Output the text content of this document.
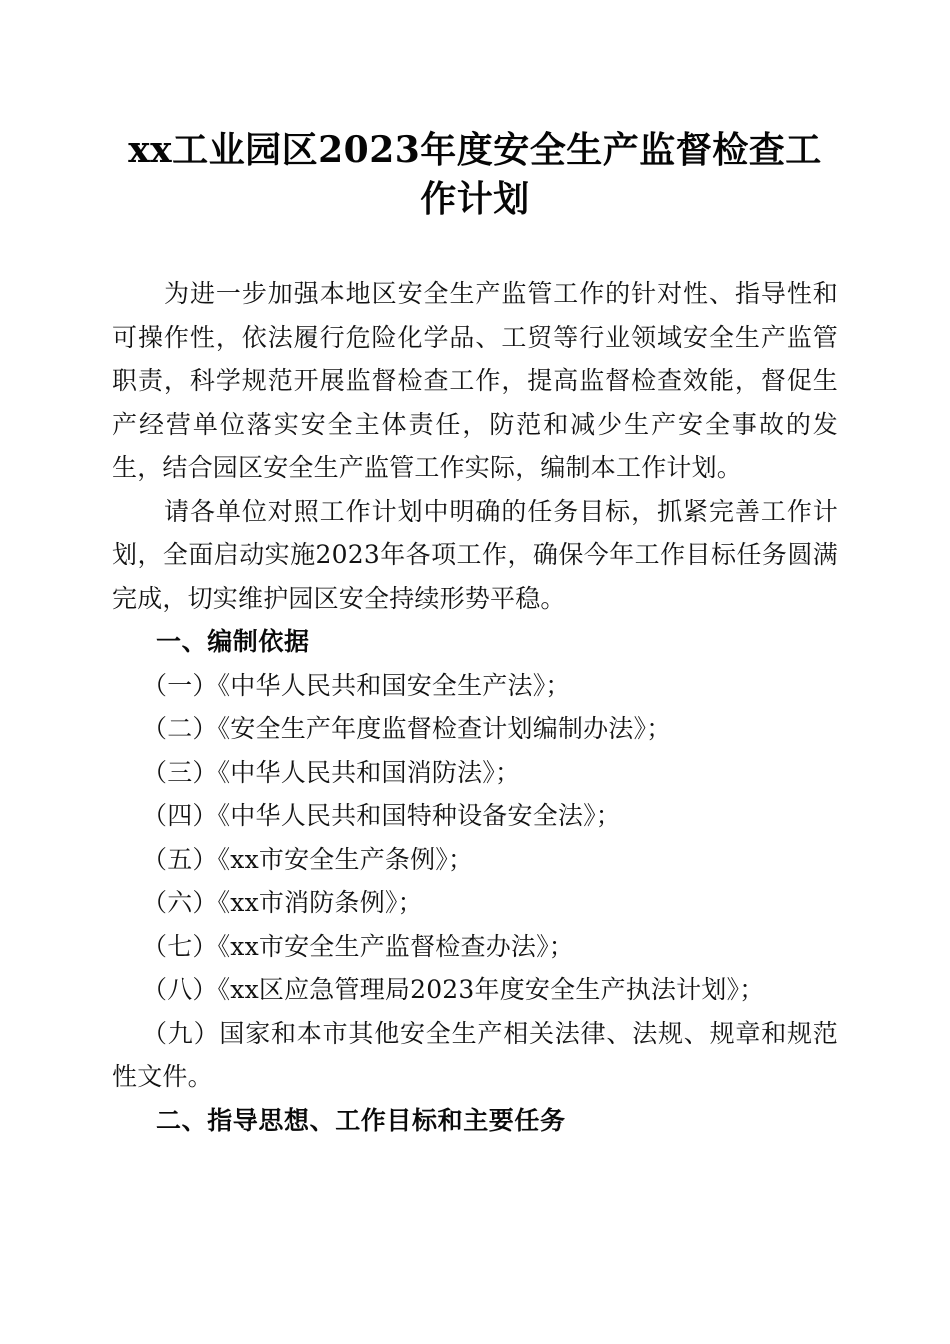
xx工业园区2023年度安全生产监督检查工作计划

为进一步加强本地区安全生产监管工作的针对性、指导性和可操作性，依法履行危险化学品、工贸等行业领域安全生产监管职责，科学规范开展监督检查工作，提高监督检查效能，督促生产经营单位落实安全主体责任，防范和减少生产安全事故的发生，结合园区安全生产监管工作实际，编制本工作计划。

请各单位对照工作计划中明确的任务目标，抓紧完善工作计划，全面启动实施2023年各项工作，确保今年工作目标任务圆满完成，切实维护园区安全持续形势平稳。

一、编制依据
（一）《中华人民共和国安全生产法》；
（二）《安全生产年度监督检查计划编制办法》；
（三）《中华人民共和国消防法》；
（四）《中华人民共和国特种设备安全法》；
（五）《xx市安全生产条例》；
（六）《xx市消防条例》；
（七）《xx市安全生产监督检查办法》；
（八）《xx区应急管理局2023年度安全生产执法计划》；
（九）国家和本市其他安全生产相关法律、法规、规章和规范性文件。
二、指导思想、工作目标和主要任务
